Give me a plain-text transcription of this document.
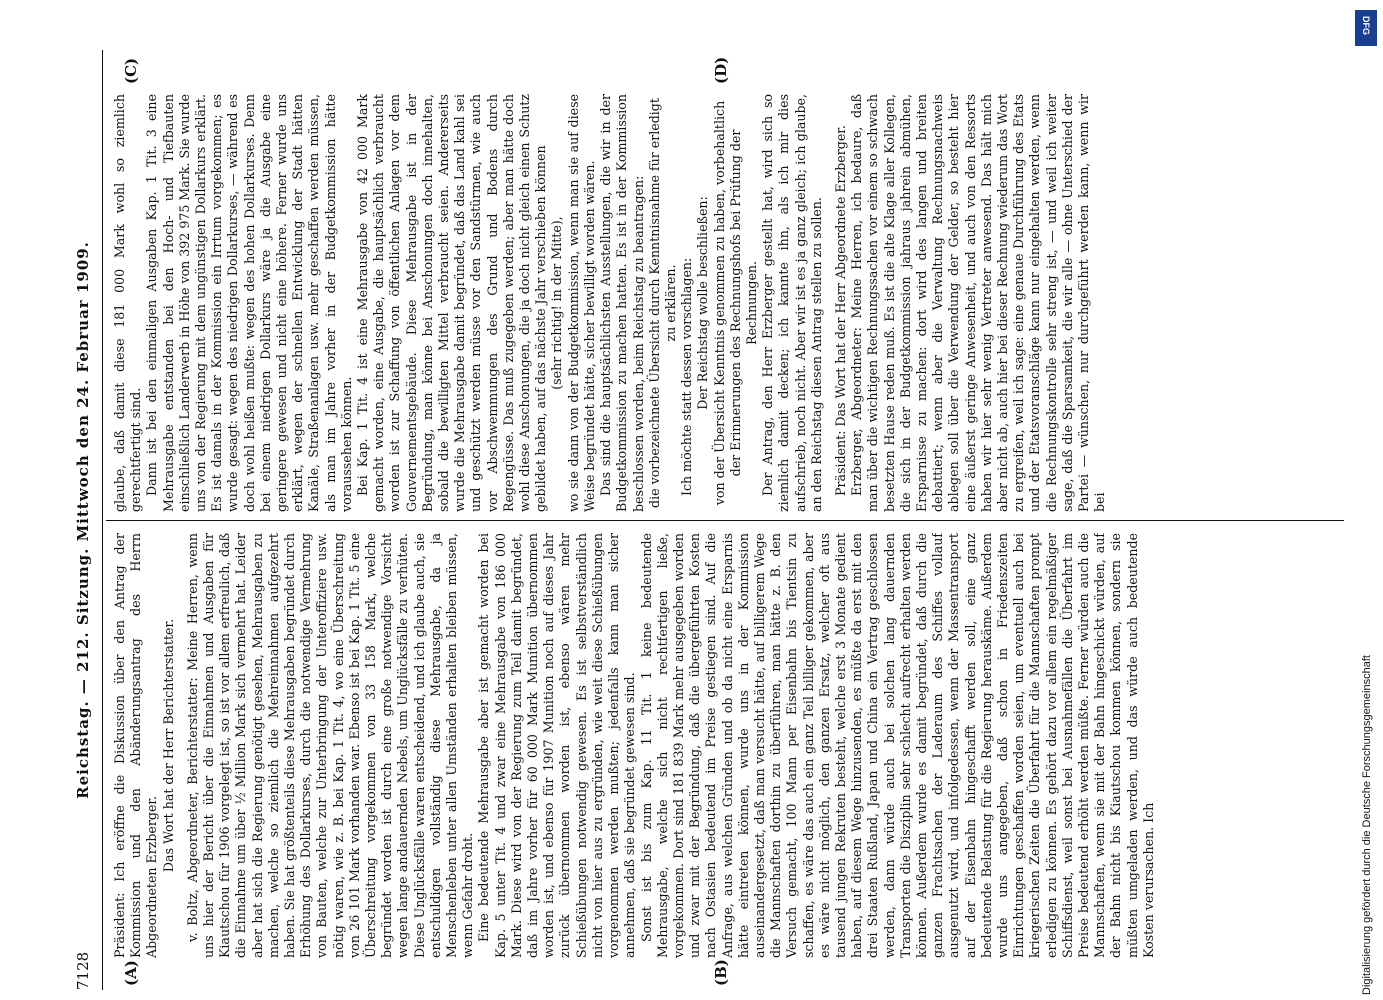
7128
Reichstag. — 212. Sitzung. Mittwoch den 24. Februar 1909.
(A)	(B)
(C)	(D)

Präsident: Ich eröffne die Diskussion über den Antrag der Kommission und den Abänderungsantrag des Herrn Abgeordneten Erzberger.

Das Wort hat der Herr Berichterstatter. v. Boltz, Abgeordneter, Berichterstatter: Meine Herren, wenn uns hier der Bericht über die Einnahmen und Ausgaben für Kiautschou für 1906 vorgelegt ist, so ist vor allem erfreulich, daß die Einnahme um über ½ Million Mark sich vermehrt hat. Leider aber hat sich die Regierung genötigt gesehen, Mehrausgaben zu machen, welche so ziemlich die Mehreinnahmen aufgezehrt haben. Sie hat größtenteils diese Mehrausgaben begründet durch Erhöhung des Dollarkurses, durch die notwendige Vermehrung von Bauten, welche zur Unterbringung der Unteroffiziere usw. nötig waren, wie z. B. bei Kap. 1 Tit. 4, wo eine Überschreitung von 26 101 Mark vorhanden war. Ebenso ist bei Kap. 1 Tit. 5 eine Überschreitung vorgekommen von 33 158 Mark, welche begründet worden ist durch eine große notwendige Vorsicht wegen lange andauernden Nebels, um Unglücksfälle zu verhüten. Diese Unglücksfälle waren entscheidend, und ich glaube auch, sie entschuldigen vollständig diese Mehrausgabe, da ja Menschenleben unter allen Umständen erhalten bleiben müssen, wenn Gefahr droht. Eine bedeutende Mehrausgabe aber ist gemacht worden bei Kap. 5 unter Tit. 4 und zwar eine Mehrausgabe von 186 000 Mark. Diese wird von der Regierung zum Teil damit begründet, daß im Jahre vorher für 60 000 Mark Munition übernommen worden ist, und ebenso für 1907 Munition noch auf dieses Jahr zurück übernommen worden ist, ebenso wären mehr Schießübungen notwendig gewesen. Es ist selbstverständlich nicht von hier aus zu ergründen, wie weit diese Schießübungen vorgenommen werden mußten; jedenfalls kann man sicher annehmen, daß sie begründet gewesen sind. Sonst ist bis zum Kap. 11 Tit. 1 keine bedeutende Mehrausgabe, welche sich nicht rechtfertigen ließe, vorgekommen. Dort sind 181 839 Mark mehr ausgegeben worden und zwar mit der Begründung, daß die übergeführten Kosten nach Ostasien bedeutend im Preise gestiegen sind. Auf die Anfrage, aus welchen Gründen und ob da nicht eine Ersparnis hätte eintreten können, wurde uns in der Kommission auseinandergesetzt, daß man versucht hätte, auf billigerem Wege die Mannschaften dorthin zu überführen, man hätte z. B. den Versuch gemacht, 100 Mann per Eisenbahn bis Tientsin zu schaffen, es wäre das auch ein ganz Teil billiger gekommen, aber es wäre nicht möglich, den ganzen Ersatz, welcher oft aus tausend jungen Rekruten besteht, welche erst 3 Monate gedient haben, auf diesem Wege hinzusenden, es müßte da erst mit den drei Staaten Rußland, Japan und China ein Vertrag geschlossen werden, dann würde auch bei solchen lang dauernden Transporten die Disziplin sehr schlecht aufrecht erhalten werden können. Außerdem wurde es damit begründet, daß durch die ganzen Frachtsachen der Laderaum des Schiffes vollauf ausgenutzt wird, und infolgedessen, wenn der Massentransport auf der Eisenbahn hingeschafft werden soll, eine ganz bedeutende Belastung für die Regierung herauskäme. Außerdem wurde uns angegeben, daß schon in Friedenszeiten Einrichtungen geschaffen worden seien, um eventuell auch bei kriegerischen Zeiten die Überfahrt für die Mannschaften prompt erledigen zu können. Es gehört dazu vor allem ein regelmäßiger Schiffsdienst, weil sonst bei Ausnahmefällen die Überfahrt im Preise bedeutend erhöht werden müßte. Ferner würden auch die Mannschaften, wenn sie mit der Bahn hingeschickt würden, auf der Bahn nicht bis Kiautschou kommen können, sondern sie müßten umgeladen werden, und das würde auch bedeutende Kosten verursachen. Ich

glaube, daß damit diese 181 000 Mark wohl so ziemlich gerechtfertigt sind. Dann ist bei den einmaligen Ausgaben Kap. 1 Tit. 3 eine Mehrausgabe entstanden bei den Hoch- und Tiefbauten einschließlich Landerwerb in Höhe von 392 975 Mark. Sie wurde uns von der Regierung mit dem ungünstigen Dollarkurs erklärt. Es ist damals in der Kommission ein Irrtum vorgekommen; es wurde gesagt: wegen des niedrigen Dollarkurses, — während es doch wohl heißen mußte: wegen des hohen Dollarkurses. Denn bei einem niedrigen Dollarkurs wäre ja die Ausgabe eine geringere gewesen und nicht eine höhere. Ferner wurde uns erklärt, wegen der schnellen Entwicklung der Stadt hätten Kanäle, Straßenanlagen usw. mehr geschaffen werden müssen, als man im Jahre vorher in der Budgetkommission hätte voraussehen können. Bei Kap. 1 Tit. 4 ist eine Mehrausgabe von 42 000 Mark gemacht worden, eine Ausgabe, die hauptsächlich verbraucht worden ist zur Schaffung von öffentlichen Anlagen vor dem Gouvernementsgebäude. Diese Mehrausgabe ist in der Begründung, man könne bei Anschonungen doch innehalten, sobald die bewilligten Mittel verbraucht seien. Andererseits wurde die Mehrausgabe damit begründet, daß das Land kahl sei und geschützt werden müsse vor den Sandstürmen, wie auch vor Abschwemmungen des Grund und Bodens durch Regengüsse. Das muß zugegeben werden; aber man hätte doch wohl diese Anschonungen, die ja doch nicht gleich einen Schutz gebildet haben, auf das nächste Jahr verschieben können (sehr richtig! in der Mitte), wo sie dann von der Budgetkommission, wenn man sie auf diese Weise begründet hätte, sicher bewilligt worden wären. Das sind die hauptsächlichsten Ausstellungen, die wir in der Budgetkommission zu machen hatten. Es ist in der Kommission beschlossen worden, beim Reichstag zu beantragen: die vorbezeichnete Übersicht durch Kenntnisnahme für erledigt zu erklären. Ich möchte statt dessen vorschlagen: Der Reichstag wolle beschließen: von der Übersicht Kenntnis genommen zu haben, vorbehaltlich der Erinnerungen des Rechnungshofs bei Prüfung der Rechnungen. Der Antrag, den Herr Erzberger gestellt hat, wird sich so ziemlich damit decken; ich kannte ihn, als ich mir dies aufschrieb, noch nicht. Aber wir ist es ja ganz gleich; ich glaube, an den Reichstag diesen Antrag stellen zu sollen. Präsident: Das Wort hat der Herr Abgeordnete Erzberger. Erzberger, Abgeordneter: Meine Herren, ich bedaure, daß man über die wichtigen Rechnungssachen vor einem so schwach besetzten Hause reden muß. Es ist die alte Klage aller Kollegen, die sich in der Budgetkommission jahraus jahrein abmühen, Ersparnisse zu machen: dort wird des langen und breiten debattiert; wenn aber die Verwaltung Rechnungsnachweis ablegen soll über die Verwendung der Gelder, so besteht hier eine äußerst geringe Anwesenheit, und auch von den Ressorts haben wir hier sehr wenig Vertreter anwesend. Das hält mich aber nicht ab, auch hier bei dieser Rechnung wiederum das Wort zu ergreifen, weil ich sage: eine genaue Durchführung des Etats und der Etatsvoranschläge kann nur eingehalten werden, wenn die Rechnungskontrolle sehr streng ist, — und weil ich weiter sage, daß die Sparsamkeit, die wir alle — ohne Unterschied der Partei — wünschen, nur durchgeführt werden kann, wenn wir bei

DFG
Digitalisierung gefördert durch die Deutsche Forschungsgemeinschaft
